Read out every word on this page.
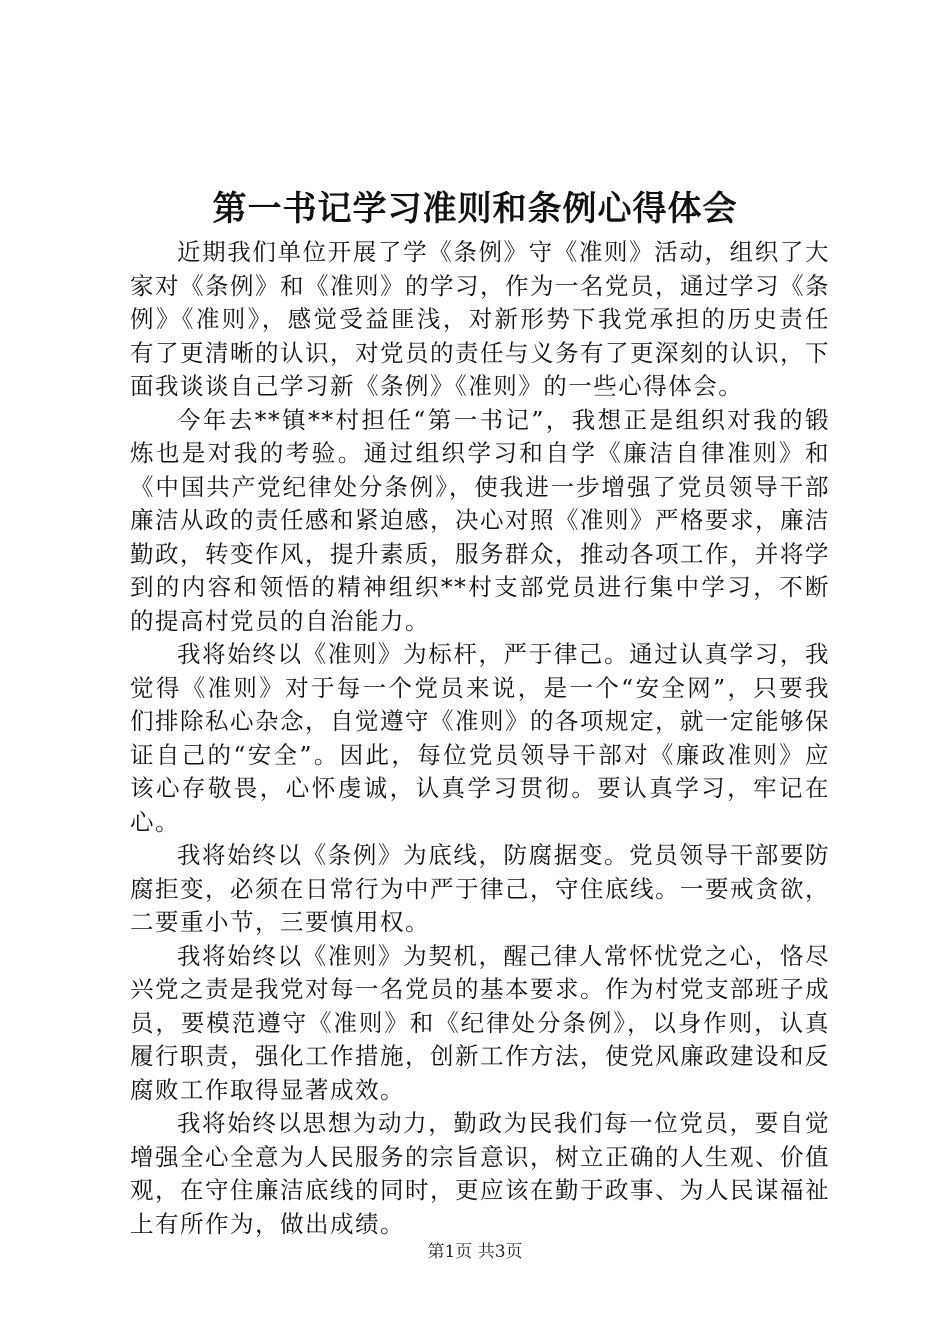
第一书记学习准则和条例心得体会

近期我们单位开展了学《条例》守《准则》活动，组织了大家对《条例》和《准则》的学习，作为一名党员，通过学习《条例》《准则》，感觉受益匪浅，对新形势下我党承担的历史责任有了更清晰的认识，对党员的责任与义务有了更深刻的认识，下面我谈谈自己学习新《条例》《准则》的一些心得体会。

今年去**镇**村担任“第一书记”，我想正是组织对我的锻炼也是对我的考验。通过组织学习和自学《廉洁自律准则》和《中国共产党纪律处分条例》，使我进一步增强了党员领导干部廉洁从政的责任感和紧迫感，决心对照《准则》严格要求，廉洁勤政，转变作风，提升素质，服务群众，推动各项工作，并将学到的内容和领悟的精神组织**村支部党员进行集中学习，不断的提高村党员的自治能力。

我将始终以《准则》为标杆，严于律己。通过认真学习，我觉得《准则》对于每一个党员来说，是一个“安全网”，只要我们排除私心杂念，自觉遵守《准则》的各项规定，就一定能够保证自己的“安全”。因此，每位党员领导干部对《廉政准则》应该心存敬畏，心怀虔诚，认真学习贯彻。要认真学习，牢记在心。

我将始终以《条例》为底线，防腐据变。党员领导干部要防腐拒变，必须在日常行为中严于律己，守住底线。一要戒贪欲，二要重小节，三要慎用权。

我将始终以《准则》为契机，醒己律人常怀忧党之心，恪尽兴党之责是我党对每一名党员的基本要求。作为村党支部班子成员，要模范遵守《准则》和《纪律处分条例》，以身作则，认真履行职责，强化工作措施，创新工作方法，使党风廉政建设和反腐败工作取得显著成效。

我将始终以思想为动力，勤政为民我们每一位党员，要自觉增强全心全意为人民服务的宗旨意识，树立正确的人生观、价值观，在守住廉洁底线的同时，更应该在勤于政事、为人民谋福祉上有所作为，做出成绩。

第1页 共3页
